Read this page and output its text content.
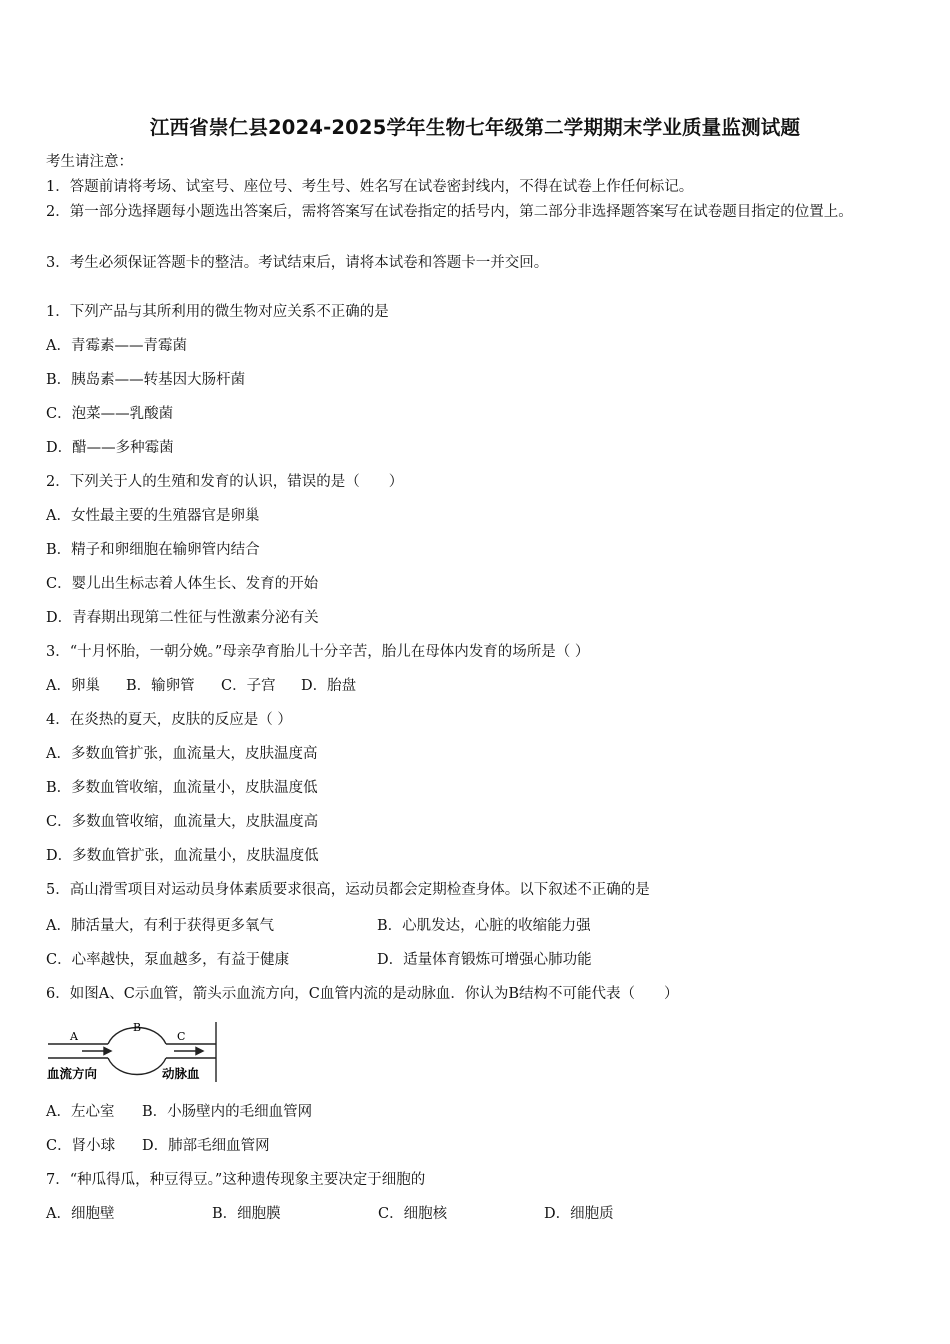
江西省崇仁县2024-2025学年生物七年级第二学期期末学业质量监测试题
考生请注意：
1．答题前请将考场、试室号、座位号、考生号、姓名写在试卷密封线内，不得在试卷上作任何标记。
2．第一部分选择题每小题选出答案后，需将答案写在试卷指定的括号内，第二部分非选择题答案写在试卷题目指定的位置上。
3．考生必须保证答题卡的整洁。考试结束后，请将本试卷和答题卡一并交回。
1．下列产品与其所利用的微生物对应关系不正确的是
A．青霉素——青霉菌
B．胰岛素——转基因大肠杆菌
C．泡菜——乳酸菌
D．醋——多种霉菌
2．下列关于人的生殖和发育的认识，错误的是（　　）
A．女性最主要的生殖器官是卵巢
B．精子和卵细胞在输卵管内结合
C．婴儿出生标志着人体生长、发育的开始
D．青春期出现第二性征与性激素分泌有关
3．“十月怀胎，一朝分娩。”母亲孕育胎儿十分辛苦，胎儿在母体内发育的场所是（ ）
A．卵巢 B．输卵管 C．子宫 D．胎盘
4．在炎热的夏天，皮肤的反应是（ ）
A．多数血管扩张，血流量大，皮肤温度高
B．多数血管收缩，血流量小，皮肤温度低
C．多数血管收缩，血流量大，皮肤温度高
D．多数血管扩张，血流量小，皮肤温度低
5．高山滑雪项目对运动员身体素质要求很高，运动员都会定期检查身体。以下叙述不正确的是
A．肺活量大，有利于获得更多氧气	B．心肌发达，心脏的收缩能力强
C．心率越快，泵血越多，有益于健康	D．适量体育锻炼可增强心肺功能
6．如图A、C示血管，箭头示血流方向，C血管内流的是动脉血．你认为B结构不可能代表（　　）
A
B
C
血流方向	动脉血
A．左心室 B．小肠壁内的毛细血管网
C．肾小球 D．肺部毛细血管网
7．“种瓜得瓜，种豆得豆。”这种遗传现象主要决定于细胞的
A．细胞壁	B．细胞膜	C．细胞核	D．细胞质
